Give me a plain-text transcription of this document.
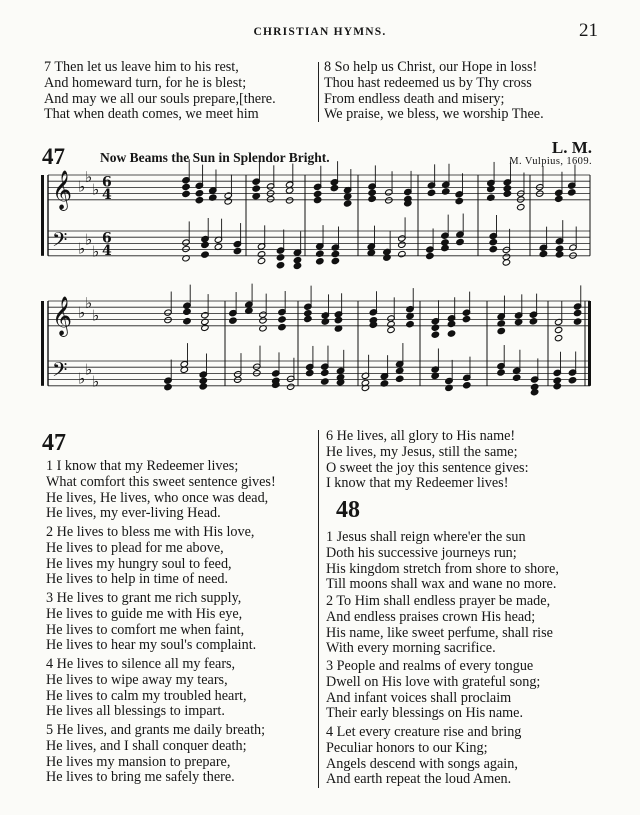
CHRISTIAN HYMNS.	21
7 Then let us leave him to his rest,
And homeward turn, for he is blest;
And may we all our souls prepare,[there.
That when death comes, we meet him
8 So help us Christ, our Hope in loss!
Thou hast redeemed us by Thy cross
From endless death and misery;
We praise, we bless, we worship Thee.
47	Now Beams the Sun in Splendor Bright.
L. M.
M. Vulpius, 1609.
𝄞 ♭
♭
♭ 6
4
𝄢 ♭
♭
♭
6
4
𝄞 ♭
♭
♭
𝄢 ♭
♭
♭
47
1 I know that my Redeemer lives;
What comfort this sweet sentence gives!
He lives, He lives, who once was dead,
He lives, my ever-living Head.
2 He lives to bless me with His love,
He lives to plead for me above,
He lives my hungry soul to feed,
He lives to help in time of need.
3 He lives to grant me rich supply,
He lives to guide me with His eye,
He lives to comfort me when faint,
He lives to hear my soul's complaint.
4 He lives to silence all my fears,
He lives to wipe away my tears,
He lives to calm my troubled heart,
He lives all blessings to impart.
5 He lives, and grants me daily breath;
He lives, and I shall conquer death;
He lives my mansion to prepare,
He lives to bring me safely there.
6 He lives, all glory to His name!
He lives, my Jesus, still the same;
O sweet the joy this sentence gives:
I know that my Redeemer lives!
48
1 Jesus shall reign where'er the sun
Doth his successive journeys run;
His kingdom stretch from shore to shore,
Till moons shall wax and wane no more.
2 To Him shall endless prayer be made,
And endless praises crown His head;
His name, like sweet perfume, shall rise
With every morning sacrifice.
3 People and realms of every tongue
Dwell on His love with grateful song;
And infant voices shall proclaim
Their early blessings on His name.
4 Let every creature rise and bring
Peculiar honors to our King;
Angels descend with songs again,
And earth repeat the loud Amen.
